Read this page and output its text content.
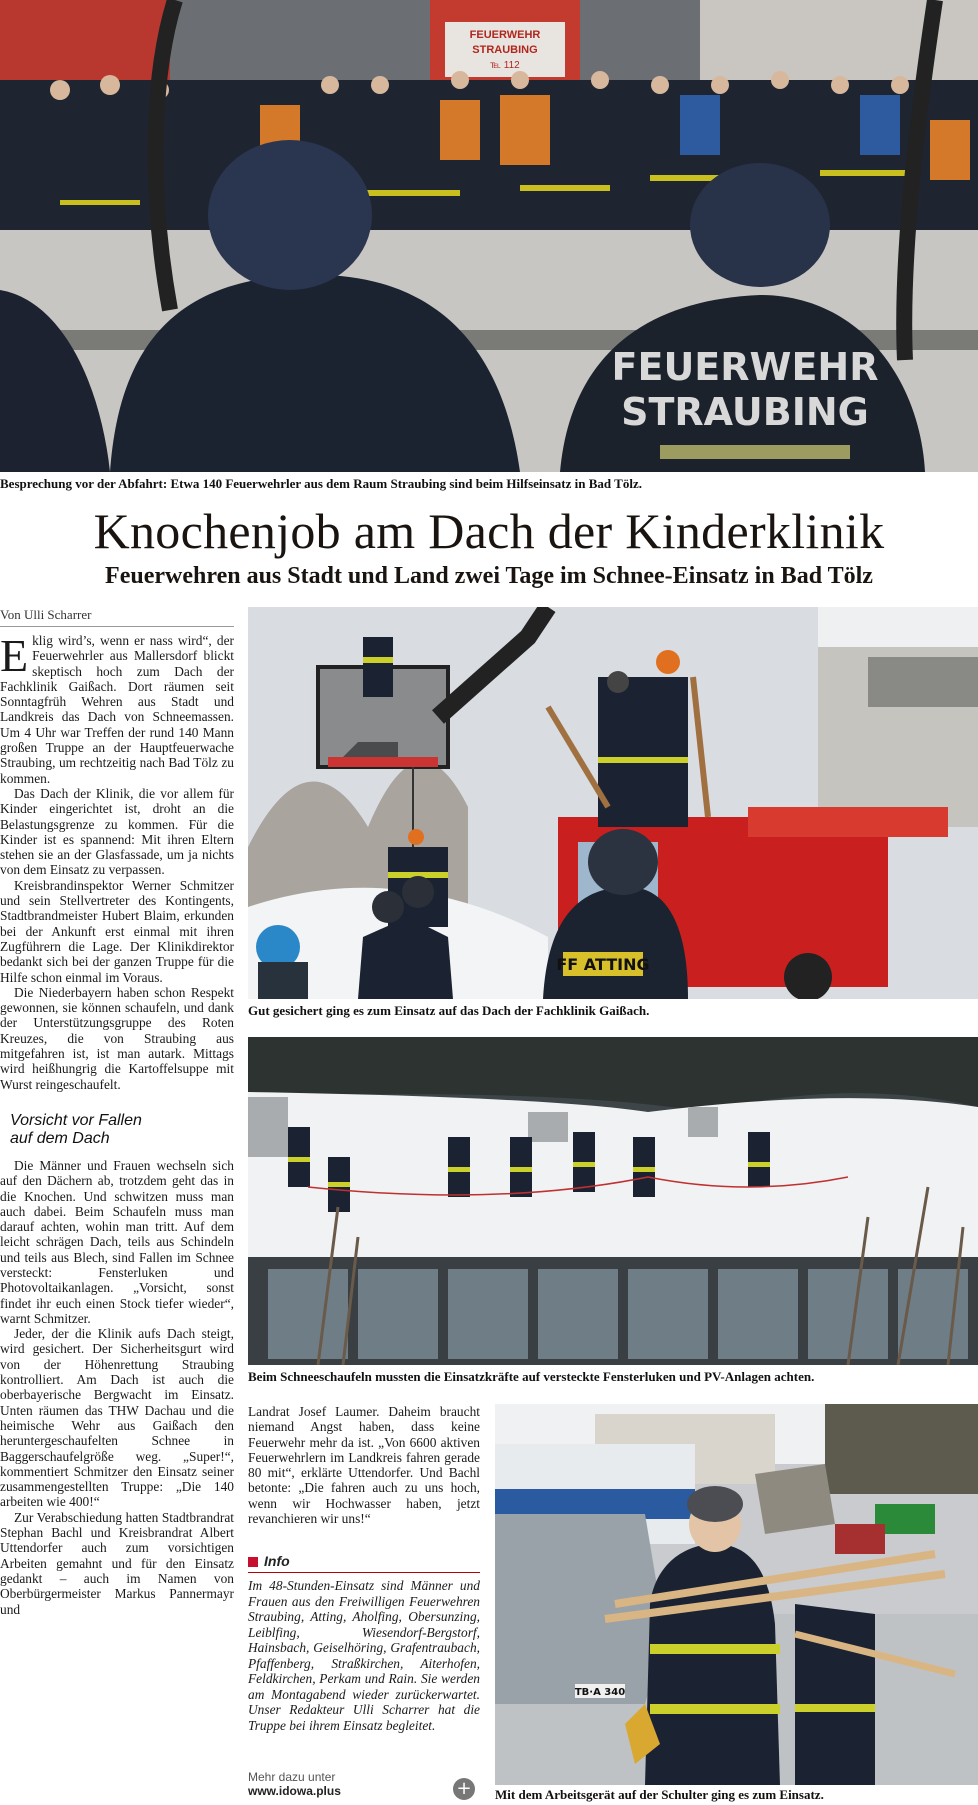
FEUERWEHR
STRAUBING
℡ 112
FEUERWEHR
STRAUBING
Besprechung vor der Abfahrt: Etwa 140 Feuerwehrler aus dem Raum Straubing sind beim Hilfseinsatz in Bad Tölz.
Knochenjob am Dach der Kinderklinik
Feuerwehren aus Stadt und Land zwei Tage im Schnee-Einsatz in Bad Tölz
Von Ulli Scharrer

Eklig wird’s, wenn er nass wird“, der Feuerwehrler aus Mallersdorf blickt skeptisch hoch zum Dach der Fachklinik Gaißach. Dort räumen seit Sonntagfrüh Wehren aus Stadt und Landkreis das Dach von Schneemassen. Um 4 Uhr war Treffen der rund 140 Mann großen Truppe an der Hauptfeuerwache Straubing, um rechtzeitig nach Bad Tölz zu kommen.

Das Dach der Klinik, die vor allem für Kinder eingerichtet ist, droht an die Belastungsgrenze zu kommen. Für die Kinder ist es spannend: Mit ihren Eltern stehen sie an der Glasfassade, um ja nichts von dem Einsatz zu verpassen.

Kreisbrandinspektor Werner Schmitzer und sein Stellvertreter des Kontingents, Stadtbrandmeister Hubert Blaim, erkunden bei der Ankunft erst einmal mit ihren Zugführern die Lage. Der Klinikdirektor bedankt sich bei der ganzen Truppe für die Hilfe schon einmal im Voraus.

Die Niederbayern haben schon Respekt gewonnen, sie können schaufeln, und dank der Unterstützungsgruppe des Roten Kreuzes, die von Straubing aus mitgefahren ist, ist man autark. Mittags wird heißhungrig die Kartoffelsuppe mit Wurst reingeschaufelt.

Vorsicht vor Fallen
auf dem Dach

Die Männer und Frauen wechseln sich auf den Dächern ab, trotzdem geht das in die Knochen. Und schwitzen muss man auch dabei. Beim Schaufeln muss man darauf achten, wohin man tritt. Auf dem leicht schrägen Dach, teils aus Schindeln und teils aus Blech, sind Fallen im Schnee versteckt: Fensterluken und Photovoltaikanlagen. „Vorsicht, sonst findet ihr euch einen Stock tiefer wieder“, warnt Schmitzer.

Jeder, der die Klinik aufs Dach steigt, wird gesichert. Der Sicherheitsgurt wird von der Höhenrettung Straubing kontrolliert. Am Dach ist auch die oberbayerische Bergwacht im Einsatz. Unten räumen das THW Dachau und die heimische Wehr aus Gaißach den heruntergeschaufelten Schnee in Baggerschaufelgröße weg. „Super!“, kommentiert Schmitzer den Einsatz seiner zusammengestellten Truppe: „Die 140 arbeiten wie 400!“

Zur Verabschiedung hatten Stadtbrandrat Stephan Bachl und Kreisbrandrat Albert Uttendorfer auch zum vorsichtigen Arbeiten gemahnt und für den Einsatz gedankt – auch im Namen von Oberbürgermeister Markus Pannermayr und

FF ATTING
Gut gesichert ging es zum Einsatz auf das Dach der Fachklinik Gaißach.
Beim Schneeschaufeln mussten die Einsatzkräfte auf versteckte Fensterluken und PV-Anlagen achten.

Landrat Josef Laumer. Daheim braucht niemand Angst haben, dass keine Feuerwehr mehr da ist. „Von 6600 aktiven Feuerwehrlern im Landkreis fahren gerade 80 mit“, erklärte Uttendorfer. Und Bachl betonte: „Die fahren auch zu uns hoch, wenn wir Hochwasser haben, jetzt revanchieren wir uns!“

Info
Im 48-Stunden-Einsatz sind Männer und Frauen aus den Freiwilligen Feuerwehren Straubing, Atting, Aholfing, Obersunzing, Leiblfing, Wiesendorf-Bergstorf, Hainsbach, Geiselhöring, Grafentraubach, Pfaffenberg, Straßkirchen, Aiterhofen, Feldkirchen, Perkam und Rain. Sie werden am Montagabend wieder zurückerwartet. Unser Redakteur Ulli Scharrer hat die Truppe bei ihrem Einsatz begleitet.
Mehr dazu unter
www.idowa.plus	+
TB·A 340
Mit dem Arbeitsgerät auf der Schulter ging es zum Einsatz.
